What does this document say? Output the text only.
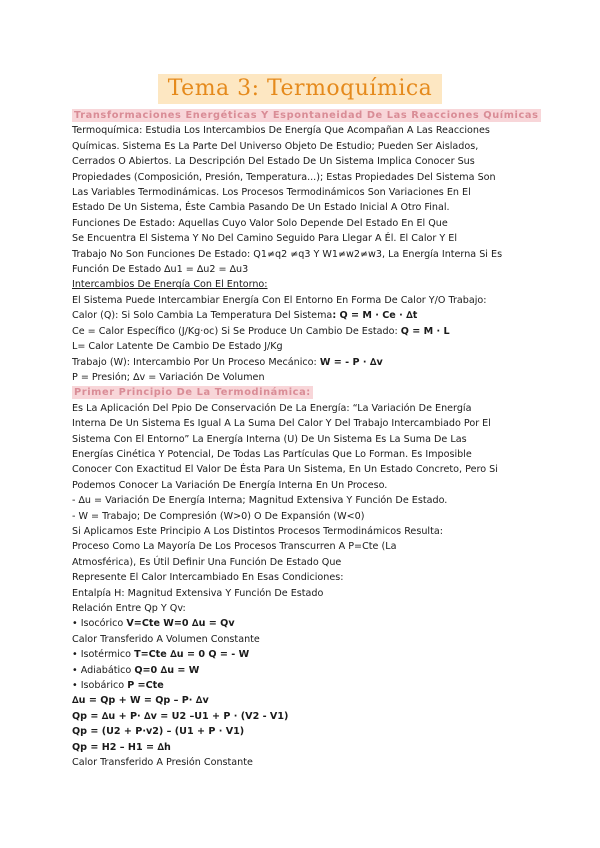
Tema 3: Termoquímica

Transformaciones Energéticas Y Espontaneidad De Las Reacciones Químicas

Termoquímica: Estudia Los Intercambios De Energía Que Acompañan A Las Reacciones

Químicas. Sistema Es La Parte Del Universo Objeto De Estudio; Pueden Ser Aislados,

Cerrados O Abiertos. La Descripción Del Estado De Un Sistema Implica Conocer Sus

Propiedades (Composición, Presión, Temperatura...); Estas Propiedades Del Sistema Son

Las Variables Termodinámicas. Los Procesos Termodinámicos Son Variaciones En El

Estado De Un Sistema, Éste Cambia Pasando De Un Estado Inicial A Otro Final.

Funciones De Estado: Aquellas Cuyo Valor Solo Depende Del Estado En El Que

Se Encuentra El Sistema Y No Del Camino Seguido Para Llegar A Él. El Calor Y El

Trabajo No Son Funciones De Estado: Q1≠q2 ≠q3 Y W1≠w2≠w3, La Energía Interna Si Es

Función De Estado ∆u1 = ∆u2 = ∆u3

Intercambios De Energía Con El Entorno:

El Sistema Puede Intercambiar Energía Con El Entorno En Forma De Calor Y/O Trabajo:

Calor (Q): Si Solo Cambia La Temperatura Del Sistema: Q = M · Ce · ∆t

Ce = Calor Específico (J/Kg·oc) Si Se Produce Un Cambio De Estado: Q = M · L

L= Calor Latente De Cambio De Estado J/Kg

Trabajo (W): Intercambio Por Un Proceso Mecánico: W = - P · ∆v

P = Presión; ∆v = Variación De Volumen

Primer Principio De La Termodinámica:

Es La Aplicación Del Ppio De Conservación De La Energía: “La Variación De Energía

Interna De Un Sistema Es Igual A La Suma Del Calor Y Del Trabajo Intercambiado Por El

Sistema Con El Entorno” La Energía Interna (U) De Un Sistema Es La Suma De Las

Energías Cinética Y Potencial, De Todas Las Partículas Que Lo Forman. Es Imposible

Conocer Con Exactitud El Valor De Ésta Para Un Sistema, En Un Estado Concreto, Pero Si

Podemos Conocer La Variación De Energía Interna En Un Proceso.

- ∆u = Variación De Energía Interna; Magnitud Extensiva Y Función De Estado.

- W = Trabajo; De Compresión (W>0) O De Expansión (W<0)

Si Aplicamos Este Principio A Los Distintos Procesos Termodinámicos Resulta:

Proceso Como La Mayoría De Los Procesos Transcurren A P=Cte (La

Atmosférica), Es Útil Definir Una Función De Estado Que

Represente El Calor Intercambiado En Esas Condiciones:

Entalpía H: Magnitud Extensiva Y Función De Estado

Relación Entre Qp Y Qv:

• Isocórico V=Cte W=0 ∆u = Qv

Calor Transferido A Volumen Constante

• Isotérmico T=Cte ∆u = 0 Q = - W

• Adiabático Q=0 ∆u = W

• Isobárico P =Cte

∆u = Qp + W = Qp – P· ∆v

Qp = ∆u + P· ∆v = U2 –U1 + P · (V2 - V1)

Qp = (U2 + P·v2) – (U1 + P · V1)

Qp = H2 – H1 = ∆h

Calor Transferido A Presión Constante
